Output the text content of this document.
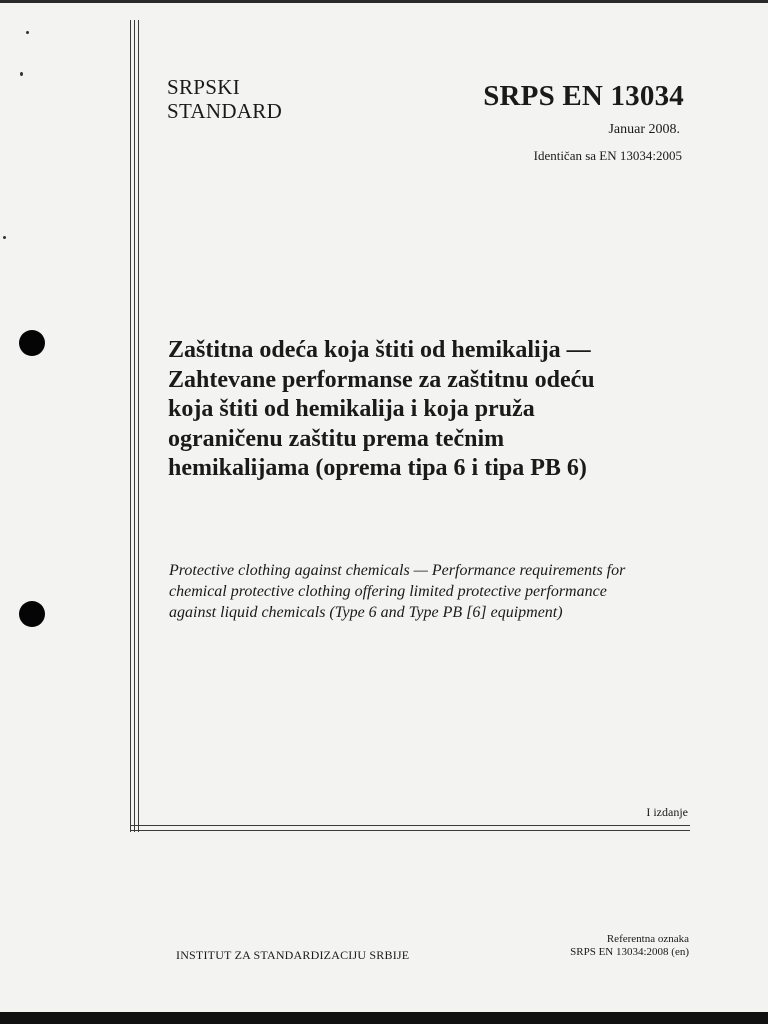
SRPSKI
STANDARD	SRPS EN 13034
Januar 2008.
Identičan sa EN 13034:2005
Zaštitna odeća koja štiti od hemikalija —
Zahtevane performanse za zaštitnu odeću
koja štiti od hemikalija i koja pruža
ograničenu zaštitu prema tečnim
hemikalijama (oprema tipa 6 i tipa PB 6)
Protective clothing against chemicals — Performance requirements for
chemical protective clothing offering limited protective performance
against liquid chemicals (Type 6 and Type PB [6] equipment)
I izdanje
INSTITUT ZA STANDARDIZACIJU SRBIJE
Referentna oznaka
SRPS EN 13034:2008 (en)
